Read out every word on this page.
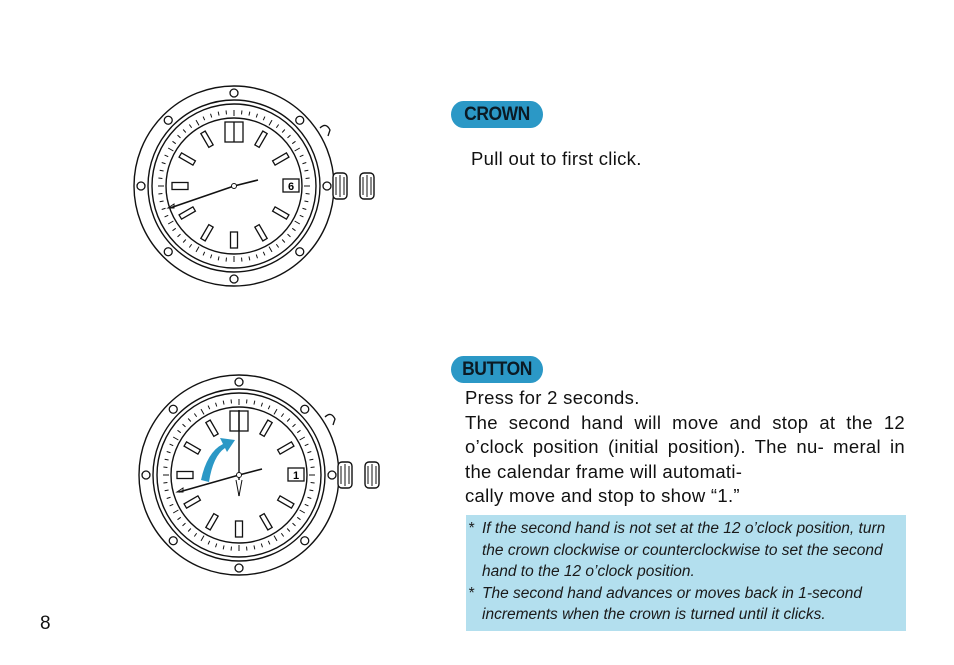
6
CROWN
Pull out to first click.
1
BUTTON

Press for 2 seconds.

The second hand will move and stop at the 12 o’clock position (initial position). The nu- meral in the calendar frame will automati-

cally move and stop to show “1.”

* If the second hand is not set at the 12 o’clock position, turn the crown clockwise or counterclockwise to set the second hand to the 12 o’clock position.
* The second hand advances or moves back in 1-second increments when the crown is turned until it clicks.
8
